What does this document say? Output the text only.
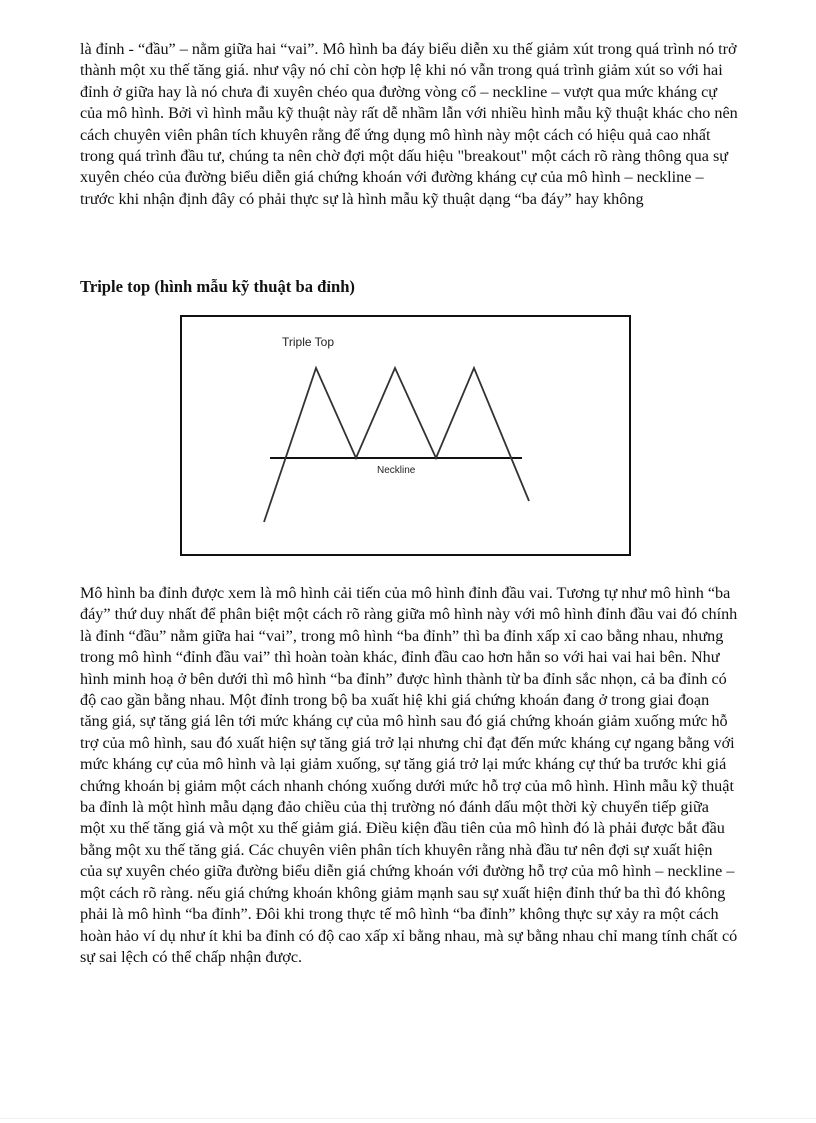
là đỉnh - “đầu” – nằm giữa hai “vai”. Mô hình ba đáy biểu diễn xu thế giảm xút trong quá trình nó trở thành một xu thế tăng giá. như vậy nó chỉ còn hợp lệ khi nó vẫn trong quá trình giảm xút so với hai đỉnh ở giữa hay là nó chưa đi xuyên chéo qua đường vòng cổ – neckline – vượt qua mức kháng cự của mô hình. Bởi vì hình mẫu kỹ thuật này rất dễ nhầm lẫn với nhiều hình mẫu kỹ thuật khác cho nên cách chuyên viên phân tích khuyên rằng để ứng dụng mô hình này một cách có hiệu quả cao nhất trong quá trình đầu tư, chúng ta nên chờ đợi một dấu hiệu "breakout" một cách rõ ràng thông qua sự xuyên chéo của đường biểu diễn giá chứng khoán với đường kháng cự của mô hình – neckline – trước khi nhận định đây có phải thực sự là hình mẫu kỹ thuật dạng “ba đáy” hay không

Triple top (hình mẫu kỹ thuật ba đỉnh)
Triple Top
Neckline

Mô hình ba đỉnh được xem là mô hình cải tiến của mô hình đỉnh đầu vai. Tương tự như mô hình “ba đáy” thứ duy nhất để phân biệt một cách rõ ràng giữa mô hình này với mô hình đỉnh đầu vai đó chính là đỉnh “đầu” nằm giữa hai “vai”, trong mô hình “ba đỉnh” thì ba đỉnh xấp xỉ cao bằng nhau, nhưng trong mô hình “đỉnh đầu vai” thì hoàn toàn khác, đỉnh đầu cao hơn hẳn so với hai vai hai bên. Như hình minh hoạ ở bên dưới thì mô hình “ba đỉnh” được hình thành từ ba đỉnh sắc nhọn, cả ba đỉnh có độ cao gần bằng nhau. Một đỉnh trong bộ ba xuất hiệ khi giá chứng khoán đang ở trong giai đoạn tăng giá, sự tăng giá lên tới mức kháng cự của mô hình sau đó giá chứng khoán giảm xuống mức hỗ trợ của mô hình, sau đó xuất hiện sự tăng giá trở lại nhưng chỉ đạt đến mức kháng cự ngang bằng với mức kháng cự của mô hình và lại giảm xuống, sự tăng giá trở lại mức kháng cự thứ ba trước khi giá chứng khoán bị giảm một cách nhanh chóng xuống dưới mức hỗ trợ của mô hình. Hình mẫu kỹ thuật ba đỉnh là một hình mẫu dạng đảo chiều của thị trường nó đánh dấu một thời kỳ chuyển tiếp giữa một xu thế tăng giá và một xu thế giảm giá. Điều kiện đầu tiên của mô hình đó là phải được bắt đầu bằng một xu thế tăng giá. Các chuyên viên phân tích khuyên rằng nhà đầu tư nên đợi sự xuất hiện của sự xuyên chéo giữa đường biểu diễn giá chứng khoán với đường hỗ trợ của mô hình – neckline – một cách rõ ràng. nếu giá chứng khoán không giảm mạnh sau sự xuất hiện đỉnh thứ ba thì đó không phải là mô hình “ba đỉnh”. Đôi khi trong thực tế mô hình “ba đỉnh” không thực sự xảy ra một cách hoàn hảo ví dụ như ít khi ba đỉnh có độ cao xấp xỉ bằng nhau, mà sự bằng nhau chỉ mang tính chất có sự sai lệch có thể chấp nhận được.
